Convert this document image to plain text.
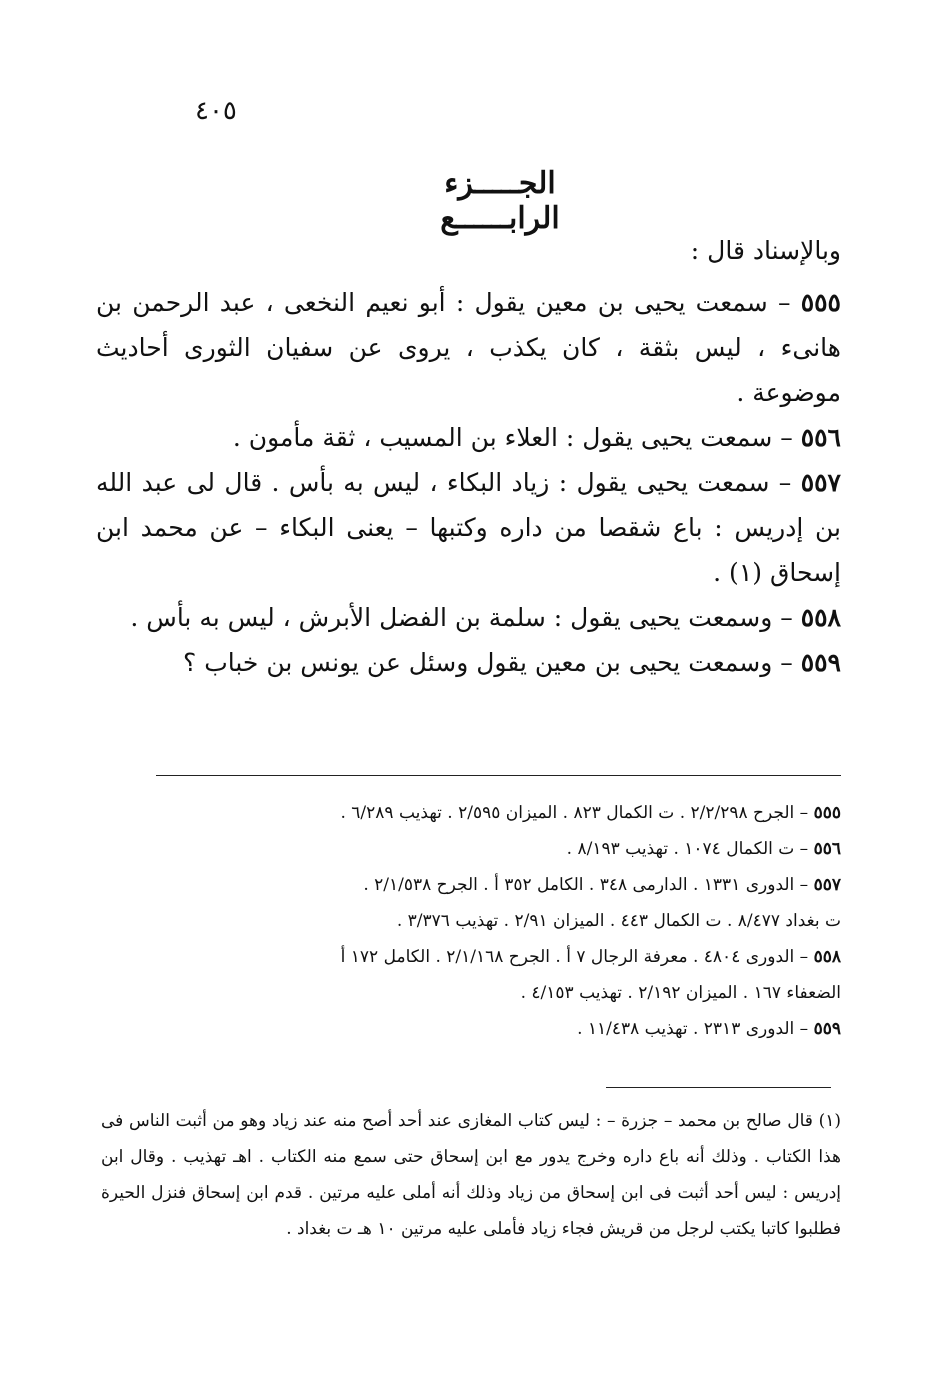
٤٠٥
الجـــــزء الرابــــــع
وبالإسناد قال :

٥٥٥ – سمعت يحيى بن معين يقول : أبو نعيم النخعى ، عبد الرحمن بن هانىء ، ليس بثقة ، كان يكذب ، يروى عن سفيان الثورى أحاديث موضوعة .

٥٥٦ – سمعت يحيى يقول : العلاء بن المسيب ، ثقة مأمون .

٥٥٧ – سمعت يحيى يقول : زياد البكاء ، ليس به بأس . قال لى عبد الله بن إدريس : باع شقصا من داره وكتبها – يعنى البكاء – عن محمد ابن إسحاق (١) .

٥٥٨ – وسمعت يحيى يقول : سلمة بن الفضل الأبرش ، ليس به بأس .

٥٥٩ – وسمعت يحيى بن معين يقول وسئل عن يونس بن خباب ؟

٥٥٥ – الجرح ٢/٢/٢٩٨ . ت الكمال ٨٢٣ . الميزان ٢/٥٩٥ . تهذيب ٦/٢٨٩ .

٥٥٦ – ت الكمال ١٠٧٤ . تهذيب ٨/١٩٣ .

٥٥٧ – الدورى ١٣٣١ . الدارمى ٣٤٨ . الكامل ٣٥٢ أ . الجرح ٢/١/٥٣٨ .

ت بغداد ٨/٤٧٧ . ت الكمال ٤٤٣ . الميزان ٢/٩١ . تهذيب ٣/٣٧٦ .

٥٥٨ – الدورى ٤٨٠٤ . معرفة الرجال ٧ أ . الجرح ٢/١/١٦٨ . الكامل ١٧٢ أ

الضعفاء ١٦٧ . الميزان ٢/١٩٢ . تهذيب ٤/١٥٣ .

٥٥٩ – الدورى ٢٣١٣ . تهذيب ١١/٤٣٨ .

(١) قال صالح بن محمد – جزرة – : ليس كتاب المغازى عند أحد أصح منه عند زياد وهو من أثبت الناس فى هذا الكتاب . وذلك أنه باع داره وخرج يدور مع ابن إسحاق حتى سمع منه الكتاب . اهـ تهذيب . وقال ابن إدريس : ليس أحد أثبت فى ابن إسحاق من زياد وذلك أنه أملى عليه مرتين . قدم ابن إسحاق فنزل الحيرة فطلبوا كاتبا يكتب لرجل من قريش فجاء زياد فأملى عليه مرتين ١٠ هـ ت بغداد .
